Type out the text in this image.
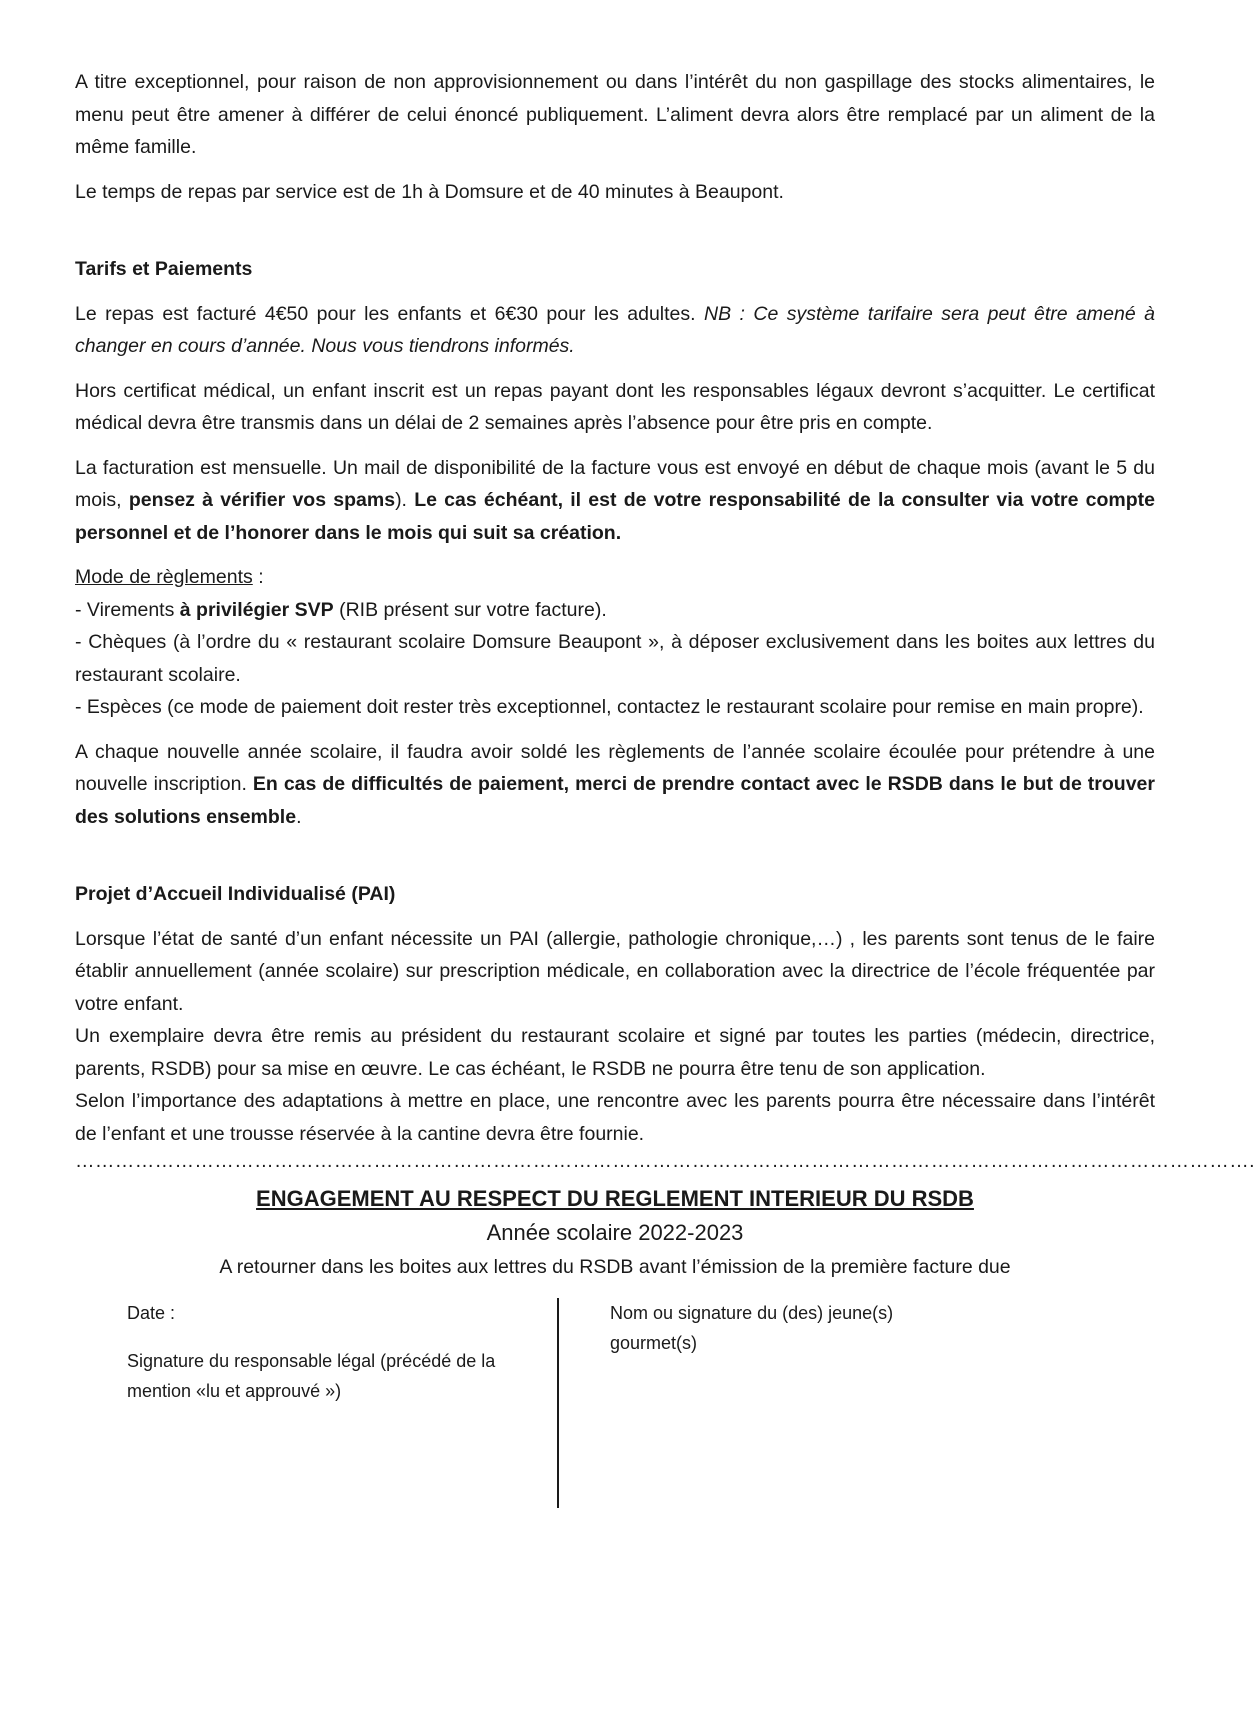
A titre exceptionnel, pour raison de non approvisionnement ou dans l’intérêt du non gaspillage des stocks alimentaires, le menu peut être amener à différer de celui énoncé publiquement. L’aliment devra alors être remplacé par un aliment de la même famille.

Le temps de repas par service est de 1h à Domsure et de 40 minutes à Beaupont.

Tarifs et Paiements

Le repas est facturé 4€50 pour les enfants et 6€30 pour les adultes. NB : Ce système tarifaire sera peut être amené à changer en cours d’année. Nous vous tiendrons informés.

Hors certificat médical, un enfant inscrit est un repas payant dont les responsables légaux devront s’acquitter. Le certificat médical devra être transmis dans un délai de 2 semaines après l’absence pour être pris en compte.

La facturation est mensuelle. Un mail de disponibilité de la facture vous est envoyé en début de chaque mois (avant le 5 du mois, pensez à vérifier vos spams). Le cas échéant, il est de votre responsabilité de la consulter via votre compte personnel et de l’honorer dans le mois qui suit sa création.

Mode de règlements :

- Virements à privilégier SVP (RIB présent sur votre facture).

- Chèques (à l’ordre du « restaurant scolaire Domsure Beaupont », à déposer exclusivement dans les boites aux lettres du restaurant scolaire.

- Espèces (ce mode de paiement doit rester très exceptionnel, contactez le restaurant scolaire pour remise en main propre).

A chaque nouvelle année scolaire, il faudra avoir soldé les règlements de l’année scolaire écoulée pour prétendre à une nouvelle inscription. En cas de difficultés de paiement, merci de prendre contact avec le RSDB dans le but de trouver des solutions ensemble.

Projet d’Accueil Individualisé (PAI)

Lorsque l’état de santé d’un enfant nécessite un PAI (allergie, pathologie chronique,…) , les parents sont tenus de le faire établir annuellement (année scolaire) sur prescription médicale, en collaboration avec la directrice de l’école fréquentée par votre enfant.

Un exemplaire devra être remis au président du restaurant scolaire et signé par toutes les parties (médecin, directrice, parents, RSDB) pour sa mise en œuvre. Le cas échéant, le RSDB ne pourra être tenu de son application.

Selon l’importance des adaptations à mettre en place, une rencontre avec les parents pourra être nécessaire dans l’intérêt de l’enfant et une trousse réservée à la cantine devra être fournie.

…………………………………………………………………………………………………………………………………………………………….
ENGAGEMENT AU RESPECT DU REGLEMENT INTERIEUR DU RSDB
Année scolaire 2022-2023
A retourner dans les boites aux lettres du RSDB avant l’émission de la première facture due
Date :
Signature du responsable légal (précédé de la mention «lu et approuvé »)
Nom ou signature du (des) jeune(s) gourmet(s)
